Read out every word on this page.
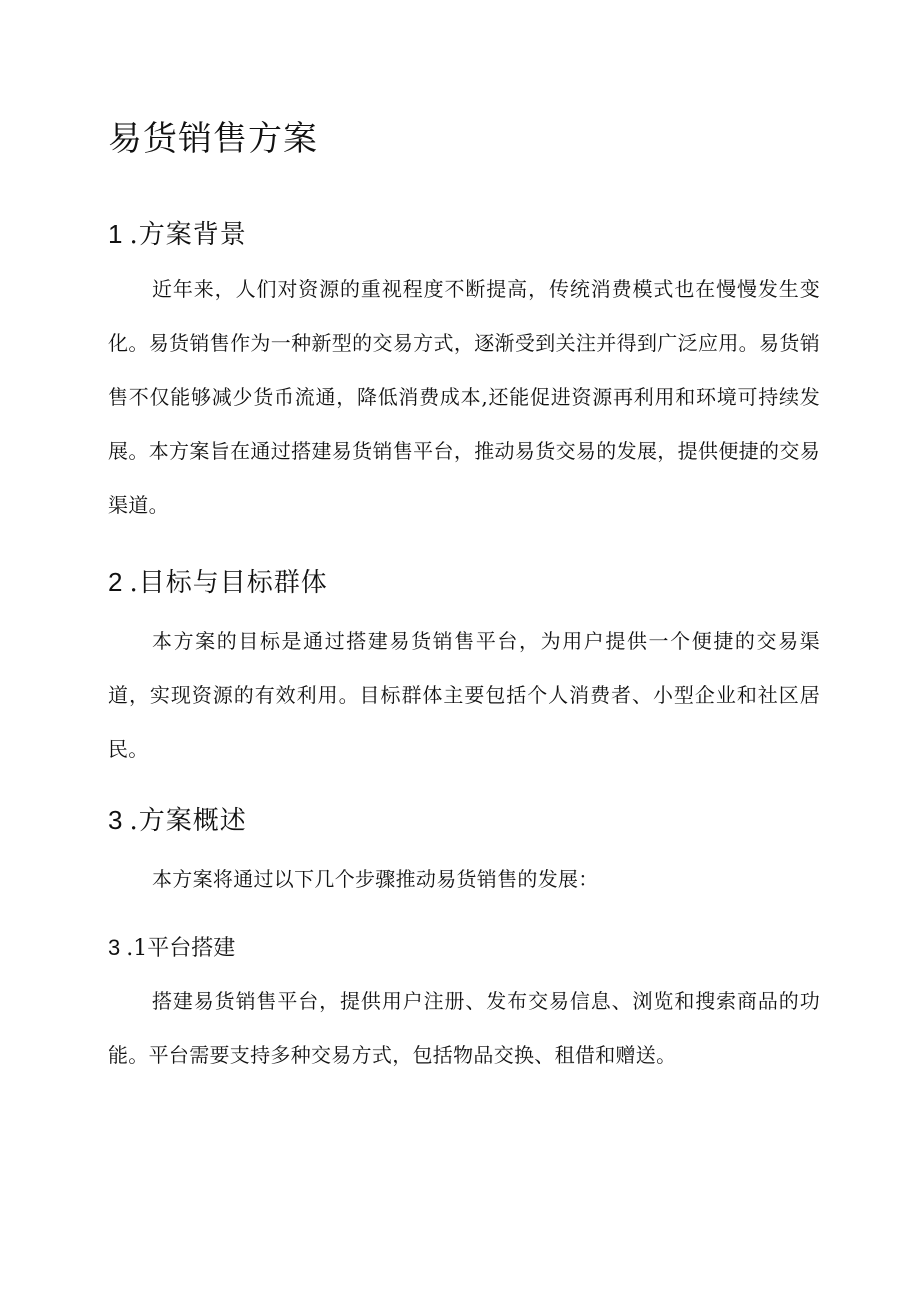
易货销售方案
1 .方案背景

近年来，人们对资源的重视程度不断提高，传统消费模式也在慢慢发生变化。易货销售作为一种新型的交易方式，逐渐受到关注并得到广泛应用。易货销售不仅能够减少货币流通，降低消费成本,还能促进资源再利用和环境可持续发展。本方案旨在通过搭建易货销售平台，推动易货交易的发展，提供便捷的交易渠道。

2 .目标与目标群体

本方案的目标是通过搭建易货销售平台，为用户提供一个便捷的交易渠道，实现资源的有效利用。目标群体主要包括个人消费者、小型企业和社区居民。

3 .方案概述

本方案将通过以下几个步骤推动易货销售的发展：

3 .1平台搭建

搭建易货销售平台，提供用户注册、发布交易信息、浏览和搜索商品的功能。平台需要支持多种交易方式，包括物品交换、租借和赠送。
